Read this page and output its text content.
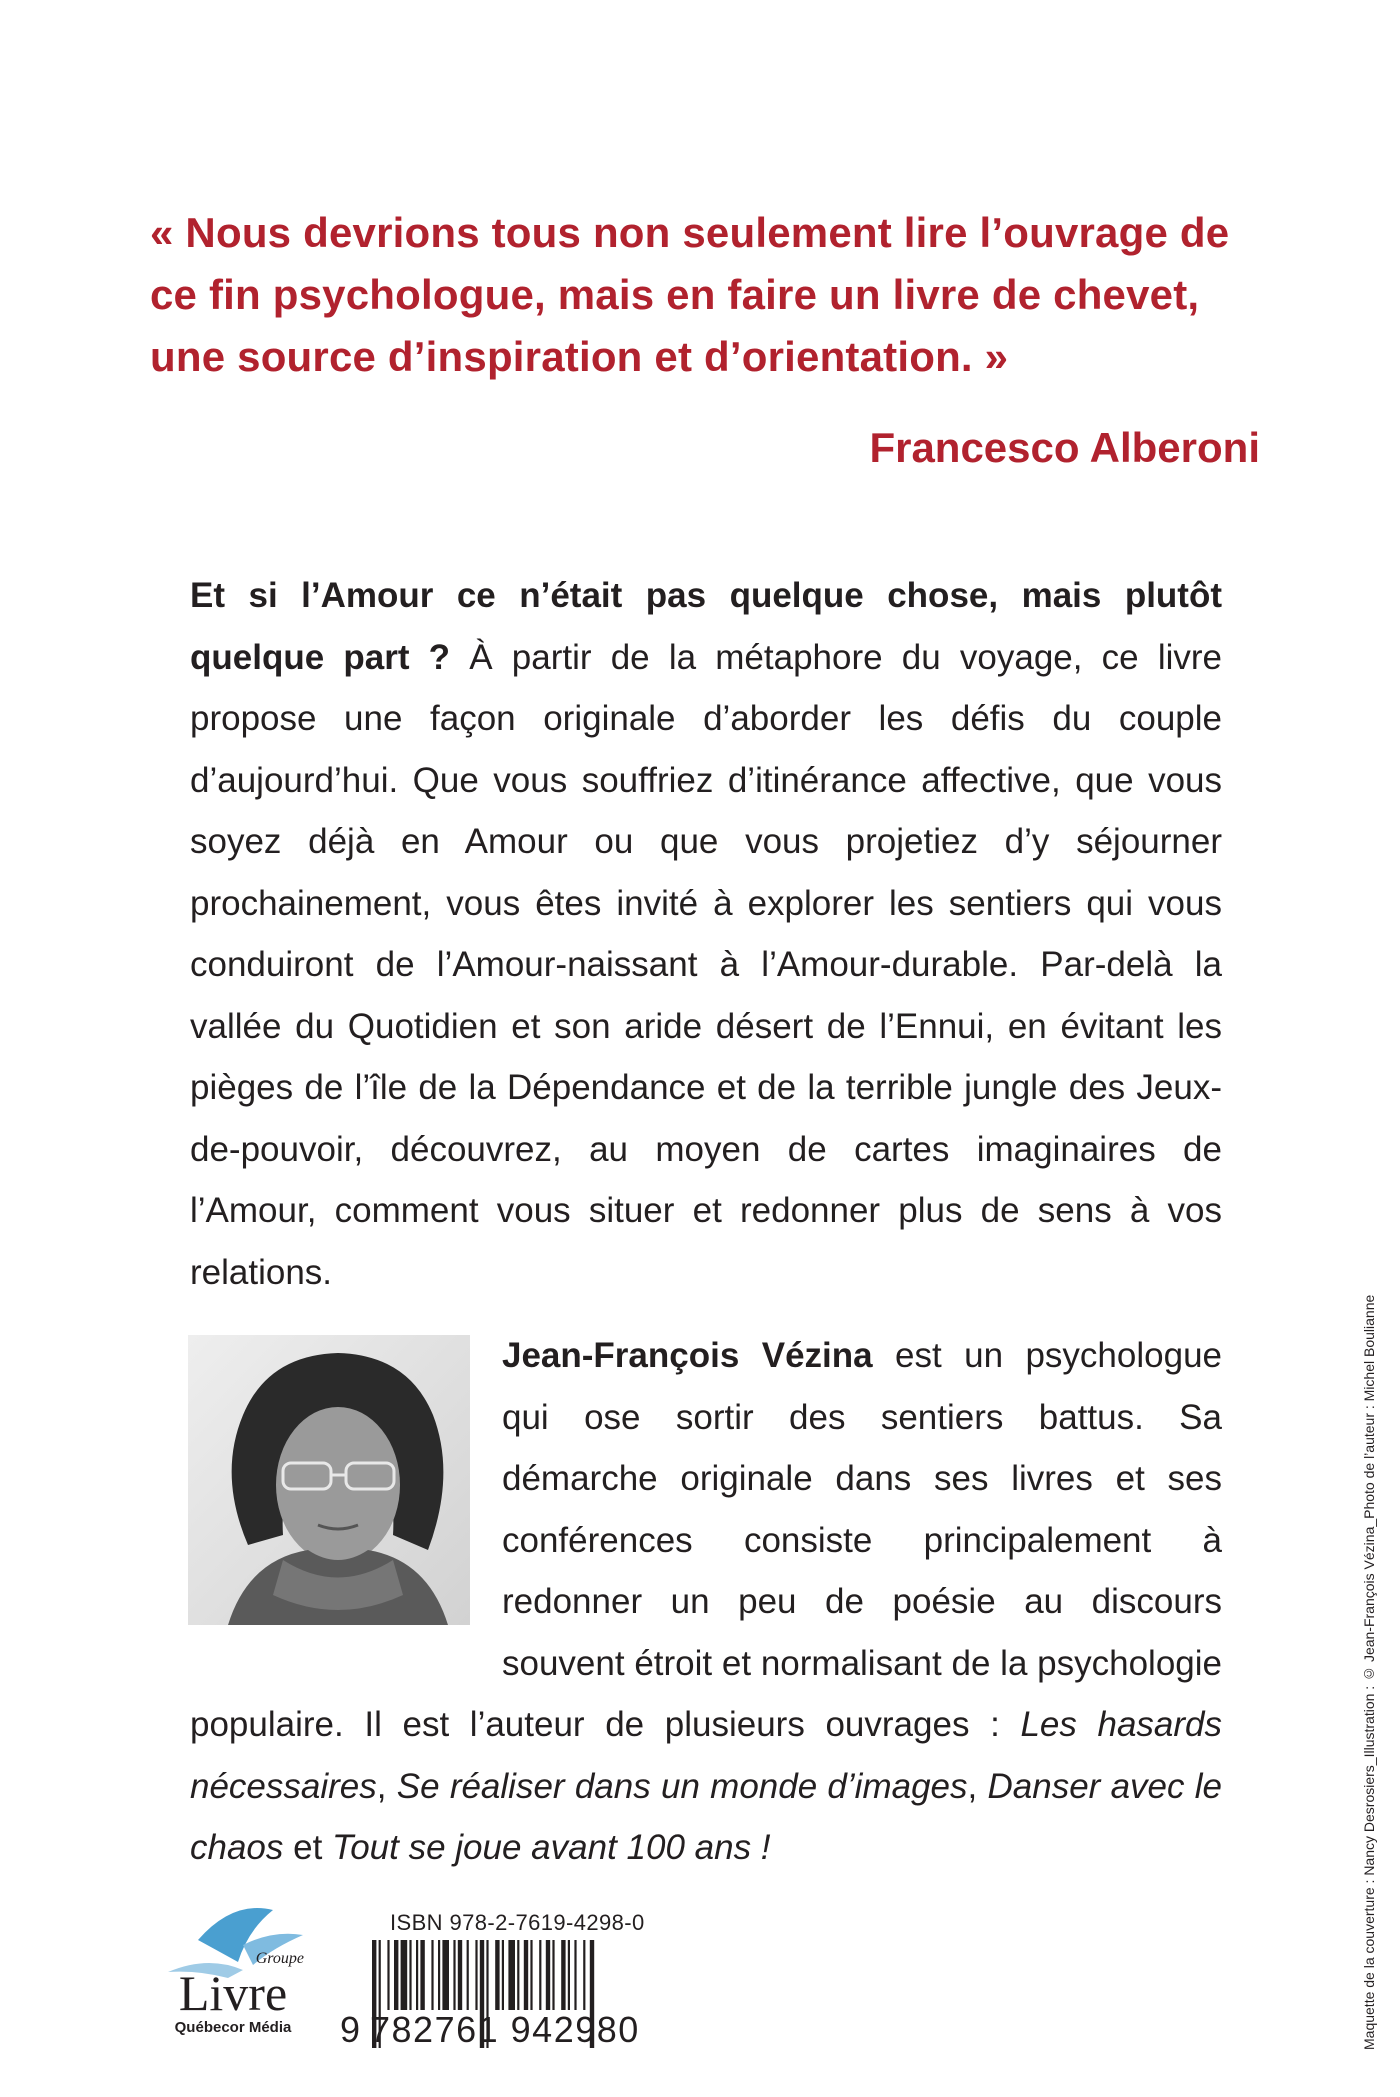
« Nous devrions tous non seulement lire l’ouvrage de ce fin psychologue, mais en faire un livre de chevet, une source d’inspiration et d’orientation. »

Francesco Alberoni

Et si l’Amour ce n’était pas quelque chose, mais plutôt quelque part ? À partir de la métaphore du voyage, ce livre propose une façon originale d’aborder les défis du couple d’aujourd’hui. Que vous souffriez d’itinérance affective, que vous soyez déjà en Amour ou que vous projetiez d’y séjourner prochainement, vous êtes invité à explorer les sentiers qui vous conduiront de l’Amour-naissant à l’Amour-durable. Par-delà la vallée du Quotidien et son aride désert de l’Ennui, en évitant les pièges de l’île de la Dépendance et de la terrible jungle des Jeux-de-pouvoir, découvrez, au moyen de cartes imaginaires de l’Amour, comment vous situer et redonner plus de sens à vos relations.

Jean-François Vézina est un psychologue qui ose sortir des sentiers battus. Sa démarche originale dans ses livres et ses conférences consiste principalement à redonner un peu de poésie au discours souvent étroit et normalisant de la psychologie populaire. Il est l’auteur de plusieurs ouvrages : Les hasards nécessaires, Se réaliser dans un monde d’images, Danser avec le chaos et Tout se joue avant 100 ans !	Maquette de la couverture : Nancy Desrosiers_Illustration : © Jean-François Vézina_Photo de l’auteur : Michel Boulianne
Groupe
Livre
Québecor Média
ISBN 978-2-7619-4298-0
9 782761 942980
